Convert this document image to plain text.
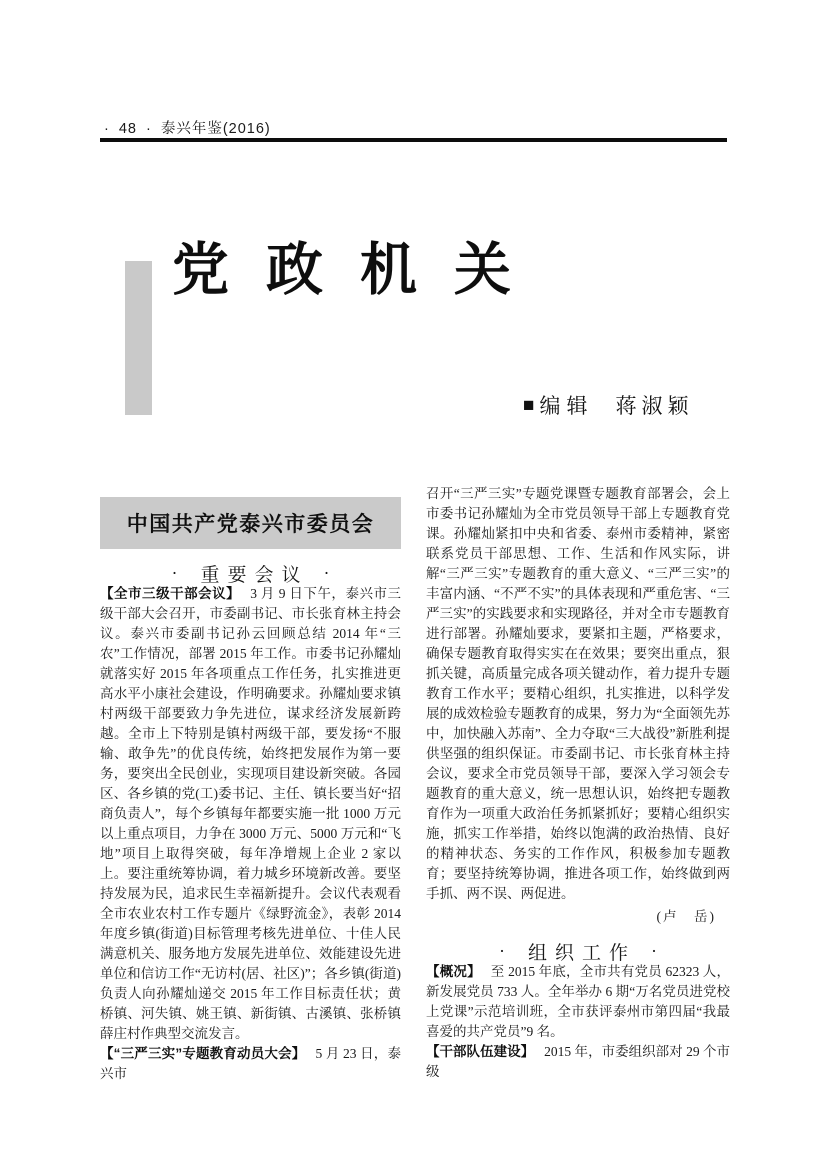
· 48 · 泰兴年鉴(2016)
党政机关
■ 编辑 蒋淑颖
中国共产党泰兴市委员会
·	重要会议 ·

【全市三级干部会议】 3 月 9 日下午，泰兴市三级干部大会召开，市委副书记、市长张育林主持会议。泰兴市委副书记孙云回顾总结 2014 年“三农”工作情况，部署 2015 年工作。市委书记孙耀灿就落实好 2015 年各项重点工作任务，扎实推进更高水平小康社会建设，作明确要求。孙耀灿要求镇村两级干部要致力争先进位，谋求经济发展新跨越。全市上下特别是镇村两级干部，要发扬“不服输、敢争先”的优良传统，始终把发展作为第一要务，要突出全民创业，实现项目建设新突破。各园区、各乡镇的党(工)委书记、主任、镇长要当好“招商负责人”，每个乡镇每年都要实施一批 1000 万元以上重点项目，力争在 3000 万元、5000 万元和“飞地”项目上取得突破，每年净增规上企业 2 家以上。要注重统筹协调，着力城乡环境新改善。要坚持发展为民，追求民生幸福新提升。会议代表观看全市农业农村工作专题片《绿野流金》，表彰 2014 年度乡镇(街道)目标管理考核先进单位、十佳人民满意机关、服务地方发展先进单位、效能建设先进单位和信访工作“无访村(居、社区)”；各乡镇(街道)负责人向孙耀灿递交 2015 年工作目标责任状；黄桥镇、河失镇、姚王镇、新街镇、古溪镇、张桥镇薛庄村作典型交流发言。

【“三严三实”专题教育动员大会】 5 月 23 日，泰兴市

召开“三严三实”专题党课暨专题教育部署会，会上市委书记孙耀灿为全市党员领导干部上专题教育党课。孙耀灿紧扣中央和省委、泰州市委精神，紧密联系党员干部思想、工作、生活和作风实际，讲解“三严三实”专题教育的重大意义、“三严三实”的丰富内涵、“不严不实”的具体表现和严重危害、“三严三实”的实践要求和实现路径，并对全市专题教育进行部署。孙耀灿要求，要紧扣主题，严格要求，确保专题教育取得实实在在效果；要突出重点，狠抓关键，高质量完成各项关键动作，着力提升专题教育工作水平；要精心组织，扎实推进，以科学发展的成效检验专题教育的成果，努力为“全面领先苏中，加快融入苏南”、全力夺取“三大战役”新胜利提供坚强的组织保证。市委副书记、市长张育林主持会议，要求全市党员领导干部，要深入学习领会专题教育的重大意义，统一思想认识，始终把专题教育作为一项重大政治任务抓紧抓好；要精心组织实施，抓实工作举措，始终以饱满的政治热情、良好的精神状态、务实的工作作风，积极参加专题教育；要坚持统筹协调，推进各项工作，始终做到两手抓、两不误、两促进。

(卢　岳)
·	组织工作 ·

【概况】 至 2015 年底，全市共有党员 62323 人，新发展党员 733 人。全年举办 6 期“万名党员进党校上党课”示范培训班，全市获评泰州市第四届“我最喜爱的共产党员”9 名。

【干部队伍建设】 2015 年，市委组织部对 29 个市级
